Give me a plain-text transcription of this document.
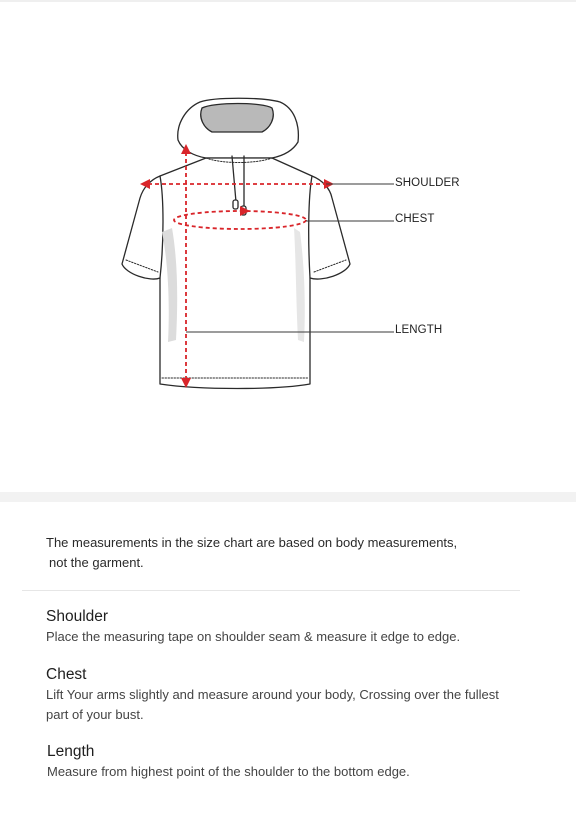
SHOULDER
CHEST
LENGTH
The measurements in the size chart are based on body measurements,
not the garment.
Shoulder
Place the measuring tape on shoulder seam & measure it edge to edge.
Chest
Lift Your arms slightly and measure around your body, Crossing over the fullest part of your bust.
Length
Measure from highest point of the shoulder to the bottom edge.
